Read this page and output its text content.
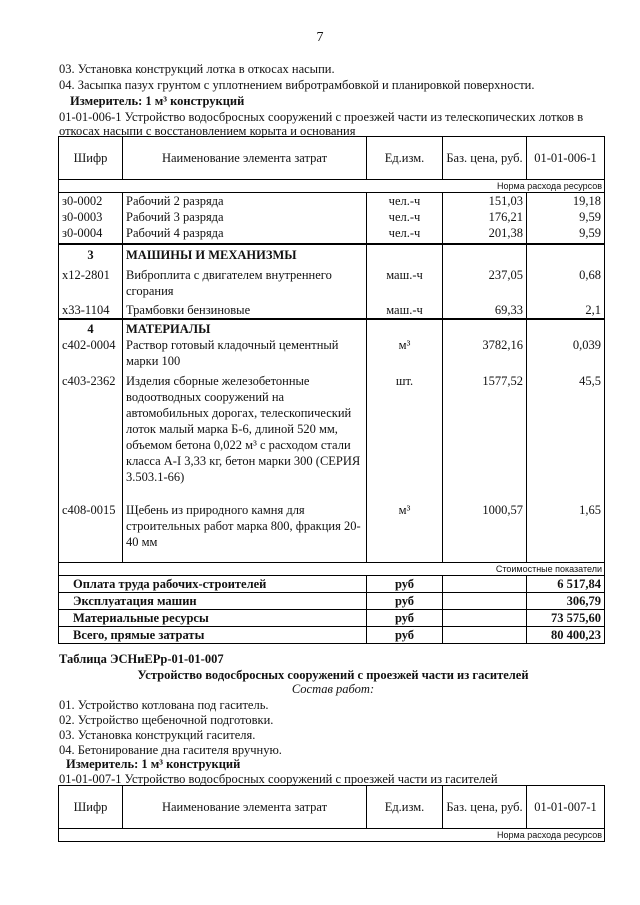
7
03. Установка конструкций лотка в откосах насыпи.
04. Засыпка пазух грунтом с уплотнением вибротрамбовкой и планировкой поверхности.
Измеритель: 1 м³ конструкций
01-01-006-1 Устройство водосбросных сооружений с проезжей части из телескопических лотков в
откосах насыпи с восстановлением корыта и основания
Шифр	Наименование элемента затрат	Ед.изм.	Баз. цена, руб.	01-01-006-1
Норма расхода ресурсов				
з0-0002	Рабочий 2 разряда	чел.-ч	151,03	19,18
з0-0003	Рабочий 3 разряда	чел.-ч	176,21	9,59
з0-0004	Рабочий 4 разряда	чел.-ч	201,38	9,59
3	МАШИНЫ И МЕХАНИЗМЫ			
х12-2801	Виброплита с двигателем внутреннего сгорания	маш.-ч	237,05	0,68
х33-1104	Трамбовки бензиновые	маш.-ч	69,33	2,1
4	МАТЕРИАЛЫ			
с402-0004	Раствор готовый кладочный цементный марки 100	м³	3782,16	0,039
с403-2362	Изделия сборные железобетонные водоотводных сооружений на автомобильных дорогах, телескопический лоток малый марка Б-6, длиной 520 мм, объемом бетона 0,022 м³ с расходом стали класса А-I 3,33 кг, бетон марки 300 (СЕРИЯ 3.503.1-66)	шт.	1577,52	45,5
с408-0015	Щебень из природного камня для строительных работ марка 800, фракция 20-40 мм	м³	1000,57	1,65
Стоимостные показатели				
Оплата труда рабочих-строителей		руб		6 517,84
Эксплуатация машин		руб		306,79
Материальные ресурсы		руб		73 575,60
Всего, прямые затраты		руб		80 400,23
Таблица ЭСНиЕРр-01-01-007
Устройство водосбросных сооружений с проезжей части из гасителей
Состав работ:
01. Устройство котлована под гаситель.
02. Устройство щебеночной подготовки.
03. Установка конструкций гасителя.
04. Бетонирование дна гасителя вручную.
Измеритель: 1 м³ конструкций
01-01-007-1 Устройство водосбросных сооружений с проезжей части из гасителей
Шифр	Наименование элемента затрат	Ед.изм.	Баз. цена, руб.	01-01-007-1
Норма расхода ресурсов
